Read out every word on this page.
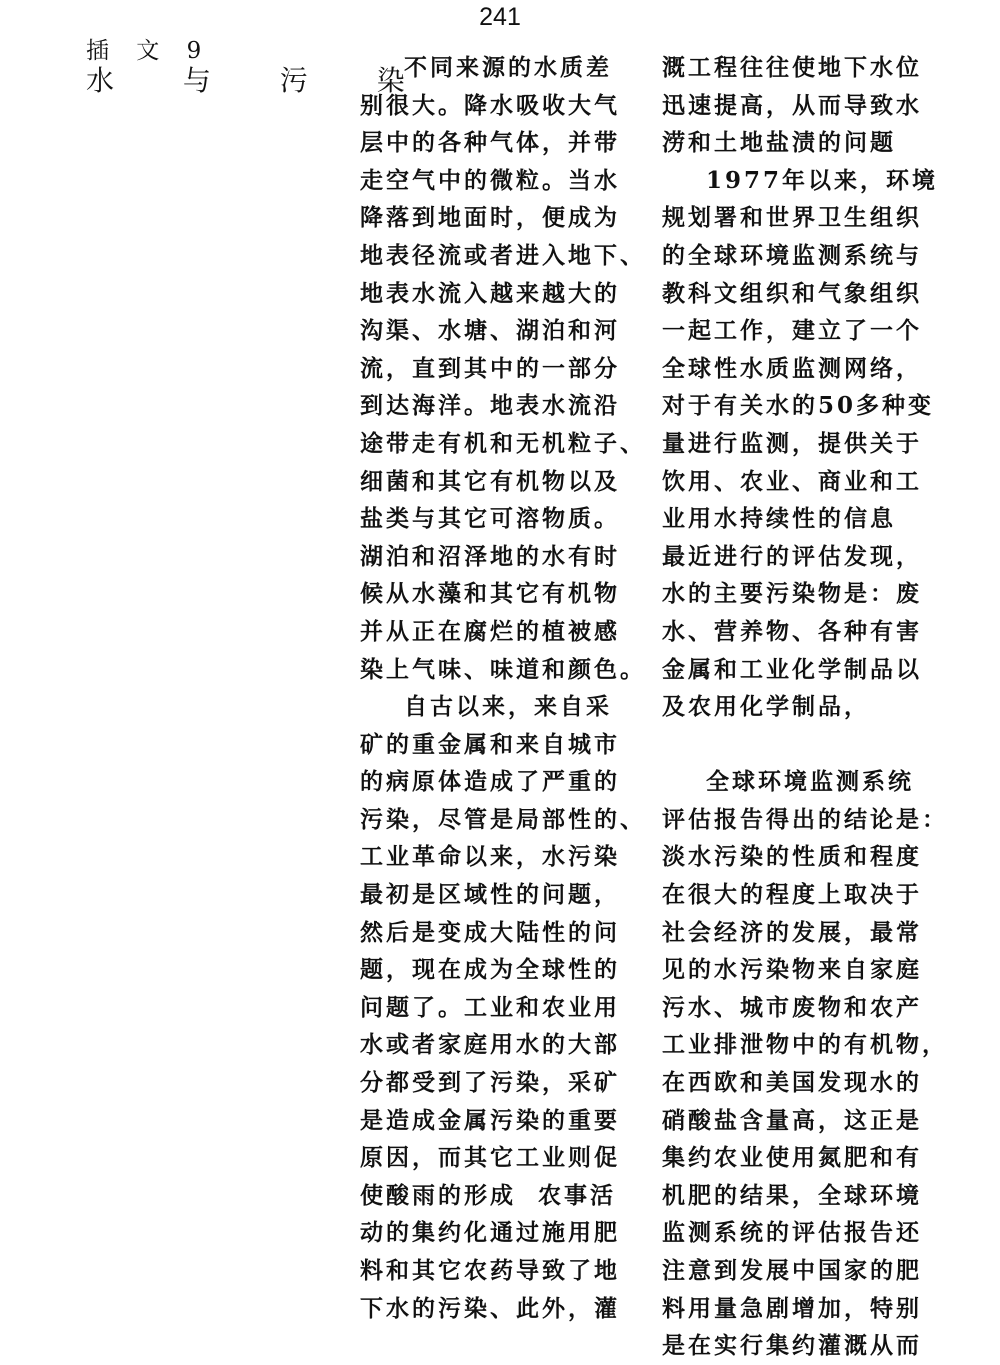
241
插 文 9
水 与 污 染
不同来源的水质差
别很大。降水吸收大气
层中的各种气体，并带
走空气中的微粒。当水
降落到地面时，便成为
地表径流或者进入地下、
地表水流入越来越大的
沟渠、水塘、湖泊和河
流，直到其中的一部分
到达海洋。地表水流沿
途带走有机和无机粒子、
细菌和其它有机物以及
盐类与其它可溶物质。
湖泊和沼泽地的水有时
候从水藻和其它有机物
并从正在腐烂的植被感
染上气味、味道和颜色。
自古以来，来自采
矿的重金属和来自城市
的病原体造成了严重的
污染，尽管是局部性的、
工业革命以来，水污染
最初是区域性的问题，
然后是变成大陆性的问
题，现在成为全球性的
问题了。工业和农业用
水或者家庭用水的大部
分都受到了污染，采矿
是造成金属污染的重要
原因，而其它工业则促
使酸雨的形成  农事活
动的集约化通过施用肥
料和其它农药导致了地
下水的污染、此外，灌
溉工程往往使地下水位
迅速提高，从而导致水
涝和土地盐渍的问题
1977年以来，环境
规划署和世界卫生组织
的全球环境监测系统与
教科文组织和气象组织
一起工作，建立了一个
全球性水质监测网络，
对于有关水的50多种变
量进行监测，提供关于
饮用、农业、商业和工
业用水持续性的信息
最近进行的评估发现，
水的主要污染物是：废
水、营养物、各种有害
金属和工业化学制品以
及农用化学制品，
全球环境监测系统
评估报告得出的结论是：
淡水污染的性质和程度
在很大的程度上取决于
社会经济的发展，最常
见的水污染物来自家庭
污水、城市废物和农产
工业排泄物中的有机物，
在西欧和美国发现水的
硝酸盐含量高，这正是
集约农业使用氮肥和有
机肥的结果，全球环境
监测系统的评估报告还
注意到发展中国家的肥
料用量急剧增加，特别
是在实行集约灌溉从而
